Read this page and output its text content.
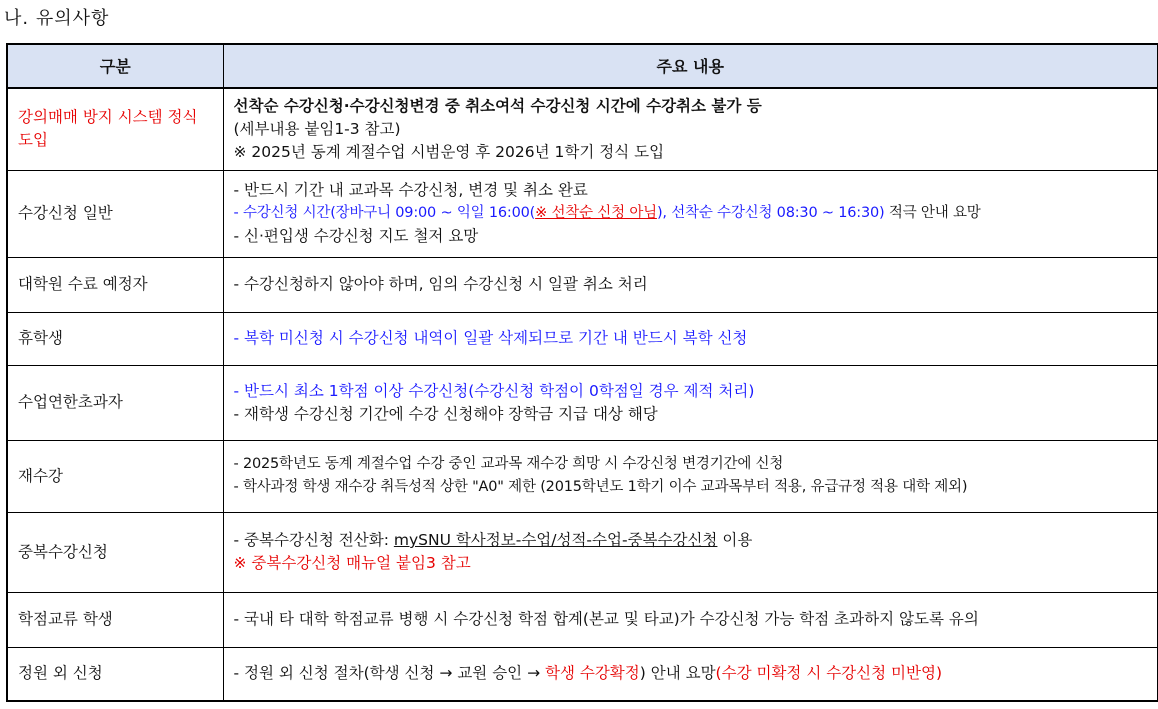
나. 유의사항
구분	주요 내용
강의매매 방지 시스템 정식 도입	선착순 수강신청·수강신청변경 중 취소여석 수강신청 시간에 수강취소 불가 등
(세부내용 붙임1-3 참고)
※ 2025년 동계 계절수업 시범운영 후 2026년 1학기 정식 도입

수강신청 일반	- 반드시 기간 내 교과목 수강신청, 변경 및 취소 완료
- 수강신청 시간(장바구니 09:00 ~ 익일 16:00(※ 선착순 신청 아님), 선착순 수강신청 08:30 ~ 16:30) 적극 안내 요망
- 신·편입생 수강신청 지도 철저 요망

대학원 수료 예정자	- 수강신청하지 않아야 하며, 임의 수강신청 시 일괄 취소 처리

휴학생	- 복학 미신청 시 수강신청 내역이 일괄 삭제되므로 기간 내 반드시 복학 신청

수업연한초과자	- 반드시 최소 1학점 이상 수강신청(수강신청 학점이 0학점일 경우 제적 처리)
- 재학생 수강신청 기간에 수강 신청해야 장학금 지급 대상 해당

재수강	- 2025학년도 동계 계절수업 수강 중인 교과목 재수강 희망 시 수강신청 변경기간에 신청
- 학사과정 학생 재수강 취득성적 상한 "A0" 제한 (2015학년도 1학기 이수 교과목부터 적용, 유급규정 적용 대학 제외)

중복수강신청	- 중복수강신청 전산화: mySNU 학사정보-수업/성적-수업-중복수강신청 이용
※ 중복수강신청 매뉴얼 붙임3 참고

학점교류 학생	- 국내 타 대학 학점교류 병행 시 수강신청 학점 합계(본교 및 타교)가 수강신청 가능 학점 초과하지 않도록 유의

정원 외 신청	- 정원 외 신청 절차(학생 신청 → 교원 승인 → 학생 수강확정) 안내 요망(수강 미확정 시 수강신청 미반영)
